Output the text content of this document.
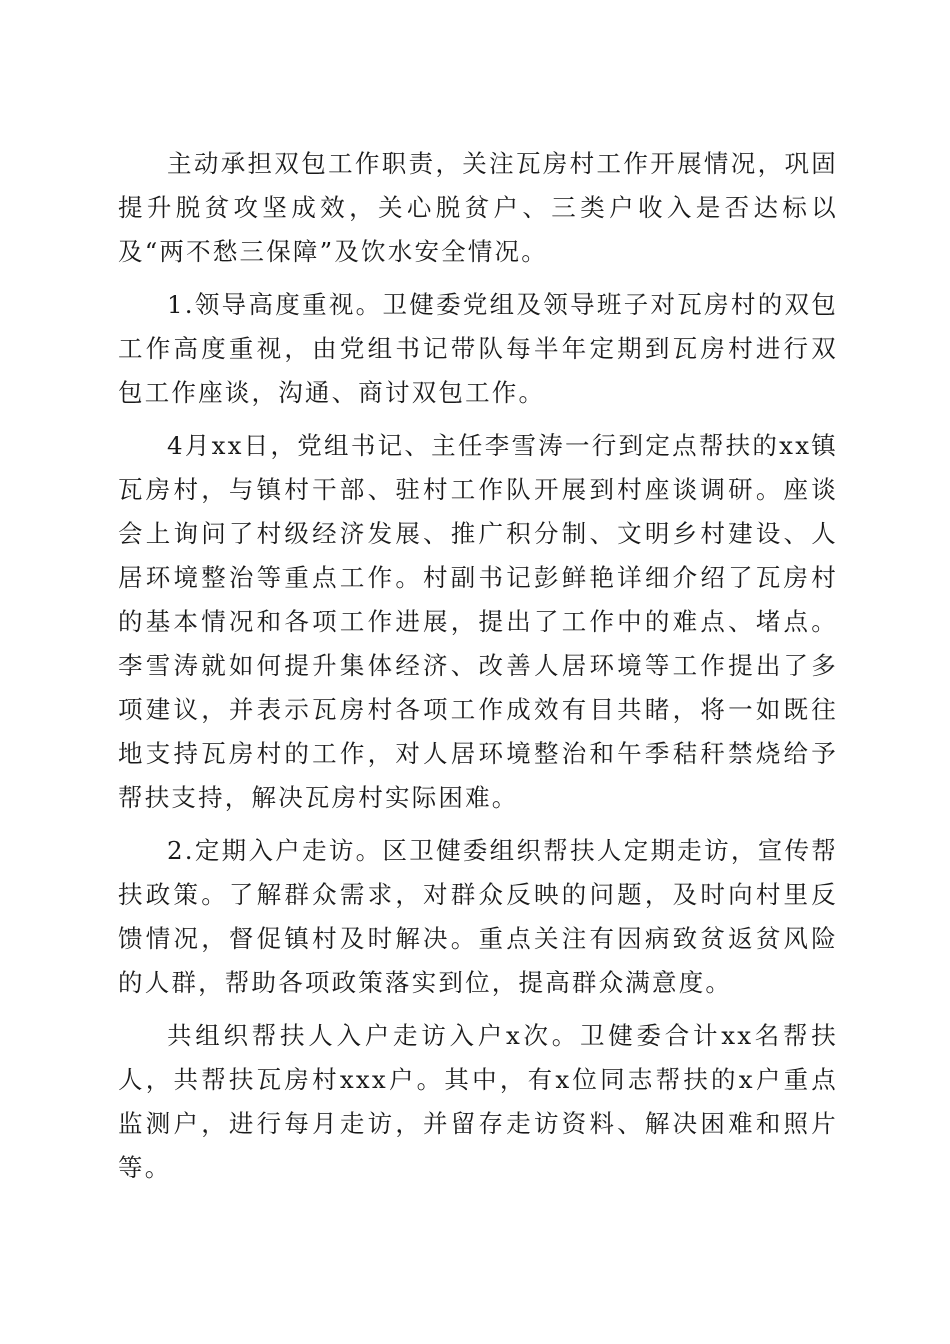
主动承担双包工作职责，关注瓦房村工作开展情况，巩固提升脱贫攻坚成效，关心脱贫户、三类户收入是否达标以及“两不愁三保障”及饮水安全情况。

1.领导高度重视。卫健委党组及领导班子对瓦房村的双包工作高度重视，由党组书记带队每半年定期到瓦房村进行双包工作座谈，沟通、商讨双包工作。

4月xx日，党组书记、主任李雪涛一行到定点帮扶的xx镇瓦房村，与镇村干部、驻村工作队开展到村座谈调研。座谈会上询问了村级经济发展、推广积分制、文明乡村建设、人居环境整治等重点工作。村副书记彭鲜艳详细介绍了瓦房村的基本情况和各项工作进展，提出了工作中的难点、堵点。李雪涛就如何提升集体经济、改善人居环境等工作提出了多项建议，并表示瓦房村各项工作成效有目共睹，将一如既往地支持瓦房村的工作，对人居环境整治和午季秸秆禁烧给予帮扶支持，解决瓦房村实际困难。

2.定期入户走访。区卫健委组织帮扶人定期走访，宣传帮扶政策。了解群众需求，对群众反映的问题，及时向村里反馈情况，督促镇村及时解决。重点关注有因病致贫返贫风险的人群，帮助各项政策落实到位，提高群众满意度。

共组织帮扶人入户走访入户x次。卫健委合计xx名帮扶人，共帮扶瓦房村xxx户。其中，有x位同志帮扶的x户重点监测户，进行每月走访，并留存走访资料、解决困难和照片等。
